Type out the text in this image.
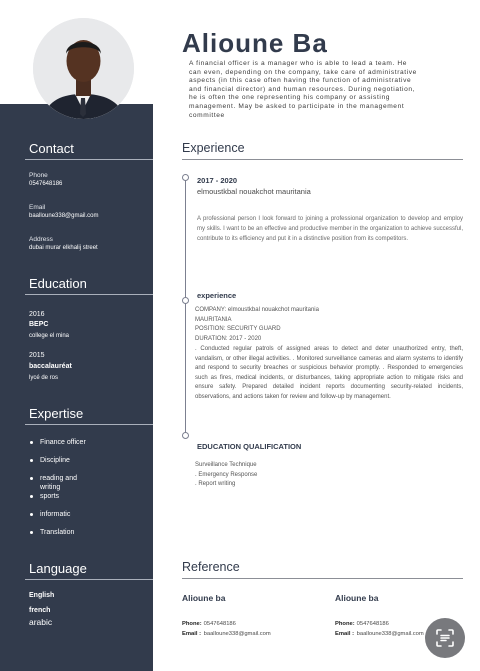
Contact
Phone
0547648186
Email
baalloune338@gmail.com
Address
dubai murar elkhalij street
Education
2016
BEPC
college el mina
2015
baccalauréat
lycé de ros
Expertise
Finance officer
Discipline
reading and writing
sports
informatic
Translation
Language
English
french
arabic
Alioune Ba
A financial officer is a manager who is able to lead a team. He can even, depending on the company, take care of administrative aspects (in this case often having the function of administrative and financial director) and human resources. During negotiation, he is often the one representing his company or assisting management. May be asked to participate in the management committee
Experience
2017 - 2020
elmoustkbal nouakchot mauritania
A professional person I look forward to joining a professional organization to develop and employ my skills. I want to be an effective and productive member in the organization to achieve successful, contribute to its efficiency and put it in a distinctive position from its competitors.
experience
COMPANY: elmoustkbal nouakchot mauritania
MAURITANIA
POSITION: SECURITY GUARD
DURATION: 2017 - 2020
. Conducted regular patrols of assigned areas to detect and deter unauthorized entry, theft, vandalism, or other illegal activities. . Monitored surveillance cameras and alarm systems to identify and respond to security breaches or suspicious behavior promptly. . Responded to emergencies such as fires, medical incidents, or disturbances, taking appropriate action to mitigate risks and ensure safety. Prepared detailed incident reports documenting security-related incidents, observations, and actions taken for review and follow-up by management.
EDUCATION QUALIFICATION
Surveillance Technique
. Emergency Response
. Report writing
Reference
Alioune ba
Phone: 0547648186
Email : baalloune338@gmail.com
Alioune ba
Phone: 0547648186
Email : baalloune338@gmail.com
